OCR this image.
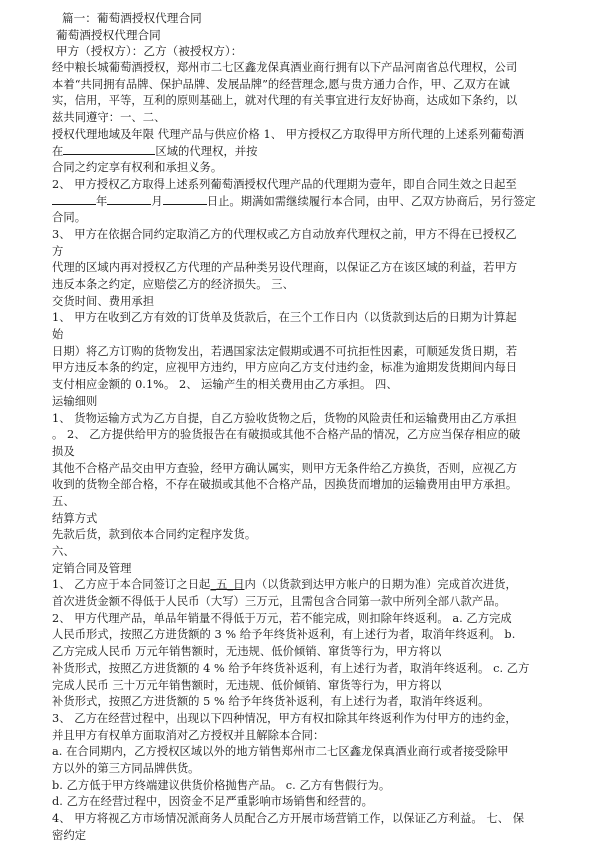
篇一：葡萄酒授权代理合同
葡萄酒授权代理合同
甲方（授权方）：乙方（被授权方）：
经中粮长城葡萄酒授权，郑州市二七区鑫龙保真酒业商行拥有以下产品河南省总代理权，公司
本着“共同拥有品牌、保护品牌、发展品牌”的经营理念,愿与贵方通力合作，甲、乙双方在诚
实，信用，平等，互利的原则基础上，就对代理的有关事宜进行友好协商，达成如下条约，以
兹共同遵守：一、二、
授权代理地域及年限 代理产品与供应价格 1、 甲方授权乙方取得甲方所代理的上述系列葡萄酒
在	区域的代理权，并按
合同之约定享有权利和承担义务。
2、 甲方授权乙方取得上述系列葡萄酒授权代理产品的代理期为壹年，即自合同生效之日起至
年	月	日止。期满如需继续履行本合同，由甲、乙双方协商后，另行签定
合同。
3、 甲方在依据合同约定取消乙方的代理权或乙方自动放弃代理权之前，甲方不得在已授权乙
方
代理的区域内再对授权乙方代理的产品种类另设代理商，以保证乙方在该区域的利益，若甲方
违反本条之约定，应赔偿乙方的经济损失。 三、
交货时间、费用承担
1、 甲方在收到乙方有效的订货单及货款后，在三个工作日内（以货款到达后的日期为计算起
始
日期）将乙方订购的货物发出，若遇国家法定假期或遇不可抗拒性因素，可顺延发货日期，若
甲方违反本条的约定，应视甲方违约，甲方应向乙方支付违约金，标准为逾期发货期间内每日
支付相应金额的 0.1%。 2、 运输产生的相关费用由乙方承担。 四、
运输细则
1、 货物运输方式为乙方自提，自乙方验收货物之后，货物的风险责任和运输费用由乙方承担
。 2、 乙方提供给甲方的验货报告在有破损或其他不合格产品的情况，乙方应当保存相应的破
损及
其他不合格产品交由甲方查验，经甲方确认属实，则甲方无条件给乙方换货，否则，应视乙方
收到的货物全部合格，不存在破损或其他不合格产品，因换货而增加的运输费用由甲方承担。
五、
结算方式
先款后货，款到依本合同约定程序发货。
六、
定销合同及管理
1、 乙方应于本合同签订之日起_五_日内（以货款到达甲方帐户的日期为准）完成首次进货，
首次进货金额不得低于人民币（大写）三万元，且需包含合同第一款中所列全部八款产品。
2、 甲方代理产品，单品年销量不得低于万元，若不能完成，则扣除年终返利。 a. 乙方完成
人民币形式，按照乙方进货额的 3 % 给予年终货补返利，有上述行为者，取消年终返利。 b.
乙方完成人民币 万元年销售额时，无违规、低价倾销、窜货等行为，甲方将以
补货形式，按照乙方进货额的 4 % 给予年终货补返利，有上述行为者，取消年终返利。 c. 乙方
完成人民币 三十万元年销售额时，无违规、低价倾销、窜货等行为，甲方将以
补货形式，按照乙方进货额的 5 % 给予年终货补返利，有上述行为者，取消年终返利。
3、 乙方在经营过程中，出现以下四种情况，甲方有权扣除其年终返利作为付甲方的违约金，
并且甲方有权单方面取消对乙方授权并且解除本合同：
a. 在合同期内，乙方授权区域以外的地方销售郑州市二七区鑫龙保真酒业商行或者接受除甲
方以外的第三方同品牌供货。
b. 乙方低于甲方终端建议供货价格抛售产品。 c. 乙方有售假行为。
d. 乙方在经营过程中，因资金不足严重影响市场销售和经营的。
4、 甲方将视乙方市场情况派商务人员配合乙方开展市场营销工作，以保证乙方利益。 七、 保
密约定
